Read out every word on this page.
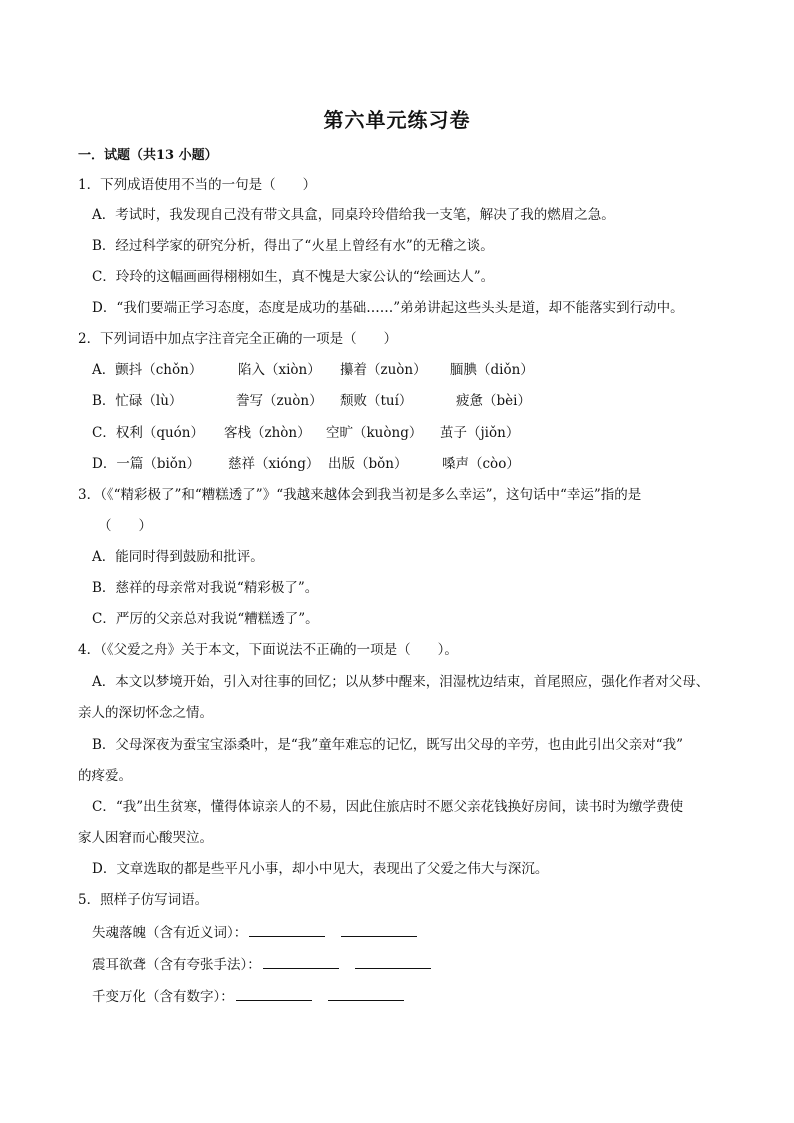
第六单元练习卷
一．试题（共13 小题）
1．下列成语使用不当的一句是（　　）
A．考试时，我发现自己没有带文具盒，同桌玲玲借给我一支笔，解决了我的燃眉之急。
B．经过科学家的研究分析，得出了“火星上曾经有水”的无稽之谈。
C．玲玲的这幅画画得栩栩如生，真不愧是大家公认的“绘画达人”。
D．“我们要端正学习态度，态度是成功的基础……”弟弟讲起这些头头是道，却不能落实到行动中。
2．下列词语中加点字注音完全正确的一项是（　　）
A．颤抖（chǒn）	陷入（xiòn） 攥着（zuòn） 腼腆（diǒn）
B．忙碌（lù）	誊写（zuòn） 颓败（tuí）	疲惫（bèi）
C．权利（quón） 客栈（zhòn） 空旷（kuòng） 茧子（jiǒn）
D．一篇（biǒn） 慈祥（xióng） 出版（bǒn）	嗓声（còo）
3．（《“精彩极了”和“糟糕透了”》“我越来越体会到我当初是多么幸运”，这句话中“幸运”指的是
（　　）
A．能同时得到鼓励和批评。
B．慈祥的母亲常对我说“精彩极了”。
C．严厉的父亲总对我说“糟糕透了”。
4．（《父爱之舟》关于本文，下面说法不正确的一项是（　　）。
A．本文以梦境开始，引入对往事的回忆；以从梦中醒来，泪湿枕边结束，首尾照应，强化作者对父母、
亲人的深切怀念之情。
B．父母深夜为蚕宝宝添桑叶，是“我”童年难忘的记忆，既写出父母的辛劳，也由此引出父亲对“我”
的疼爱。
C．“我”出生贫寒，懂得体谅亲人的不易，因此住旅店时不愿父亲花钱换好房间，读书时为缴学费使
家人困窘而心酸哭泣。
D．文章选取的都是些平凡小事，却小中见大，表现出了父爱之伟大与深沉。
5．照样子仿写词语。
失魂落魄（含有近义词）：
震耳欲聋（含有夸张手法）：
千变万化（含有数字）：
